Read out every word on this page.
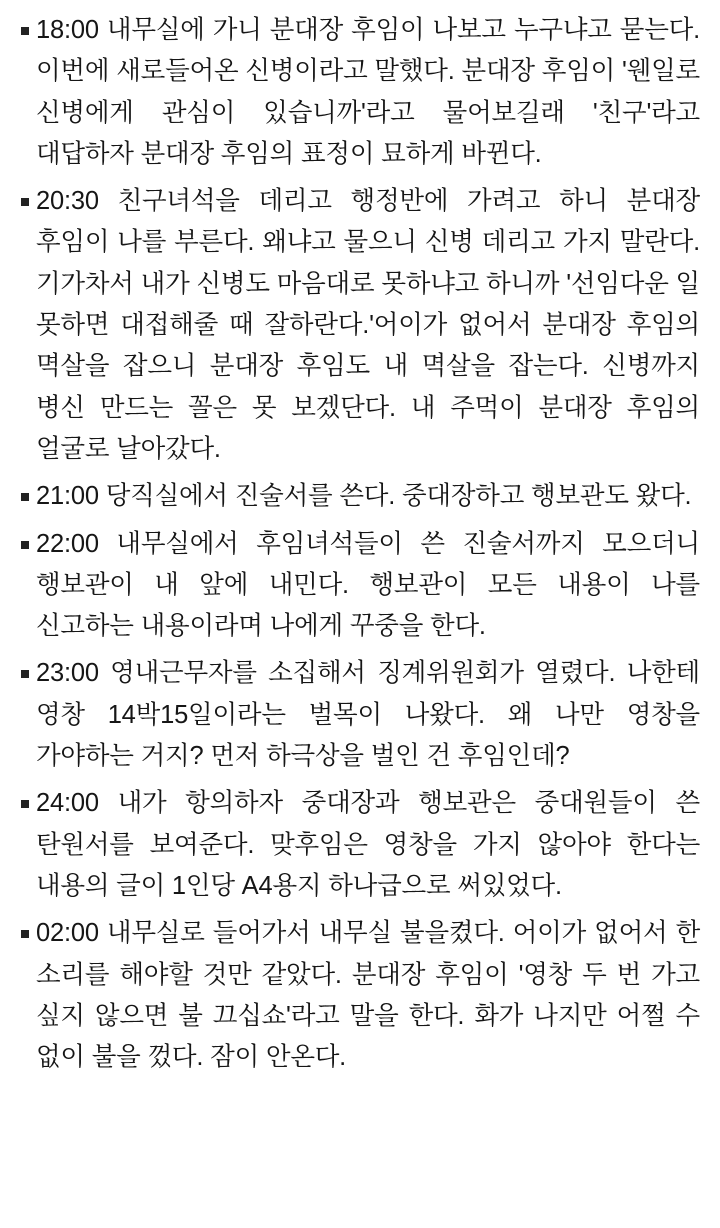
18:00 내무실에 가니 분대장 후임이 나보고 누구냐고 묻는다. 이번에 새로들어온 신병이라고 말했다. 분대장 후임이 '웬일로 신병에게 관심이 있습니까'라고 물어보길래 '친구'라고 대답하자 분대장 후임의 표정이 묘하게 바뀐다.
20:30 친구녀석을 데리고 행정반에 가려고 하니 분대장 후임이 나를 부른다. 왜냐고 물으니 신병 데리고 가지 말란다. 기가차서 내가 신병도 마음대로 못하냐고 하니까 '선임다운 일 못하면 대접해줄 때 잘하란다.'어이가 없어서 분대장 후임의 멱살을 잡으니 분대장 후임도 내 멱살을 잡는다. 신병까지 병신 만드는 꼴은 못 보겠단다. 내 주먹이 분대장 후임의 얼굴로 날아갔다.
21:00 당직실에서 진술서를 쓴다. 중대장하고 행보관도 왔다.
22:00 내무실에서 후임녀석들이 쓴 진술서까지 모으더니 행보관이 내 앞에 내민다. 행보관이 모든 내용이 나를 신고하는 내용이라며 나에게 꾸중을 한다.
23:00 영내근무자를 소집해서 징계위원회가 열렸다. 나한테 영창 14박15일이라는 벌목이 나왔다. 왜 나만 영창을 가야하는 거지? 먼저 하극상을 벌인 건 후임인데?
24:00 내가 항의하자 중대장과 행보관은 중대원들이 쓴 탄원서를 보여준다. 맞후임은 영창을 가지 않아야 한다는 내용의 글이 1인당 A4용지 하나급으로 써있었다.
02:00 내무실로 들어가서 내무실 불을켰다. 어이가 없어서 한 소리를 해야할 것만 같았다. 분대장 후임이 '영창 두 번 가고 싶지 않으면 불 끄십쇼'라고 말을 한다. 화가 나지만 어쩔 수 없이 불을 껐다. 잠이 안온다.
